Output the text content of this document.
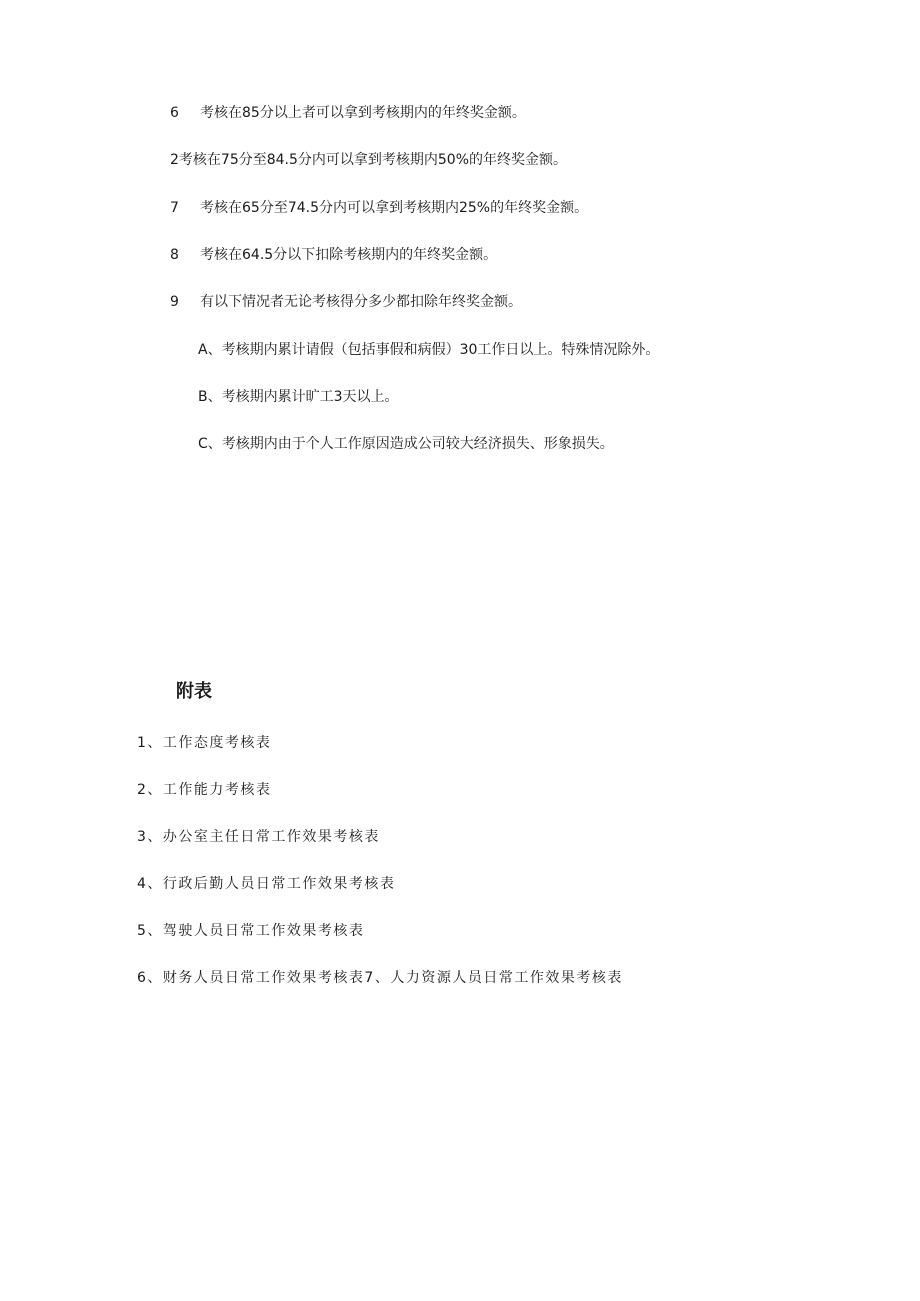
6 考核在85分以上者可以拿到考核期内的年终奖金额。
2考核在75分至84.5分内可以拿到考核期内50%的年终奖金额。
7 考核在65分至74.5分内可以拿到考核期内25%的年终奖金额。
8 考核在64.5分以下扣除考核期内的年终奖金额。
9 有以下情况者无论考核得分多少都扣除年终奖金额。
A、考核期内累计请假（包括事假和病假）30工作日以上。特殊情况除外。
B、考核期内累计旷工3天以上。
C、考核期内由于个人工作原因造成公司较大经济损失、形象损失。
附表
1、工作态度考核表
2、工作能力考核表
3、办公室主任日常工作效果考核表
4、行政后勤人员日常工作效果考核表
5、驾驶人员日常工作效果考核表
6、财务人员日常工作效果考核表7、人力资源人员日常工作效果考核表
